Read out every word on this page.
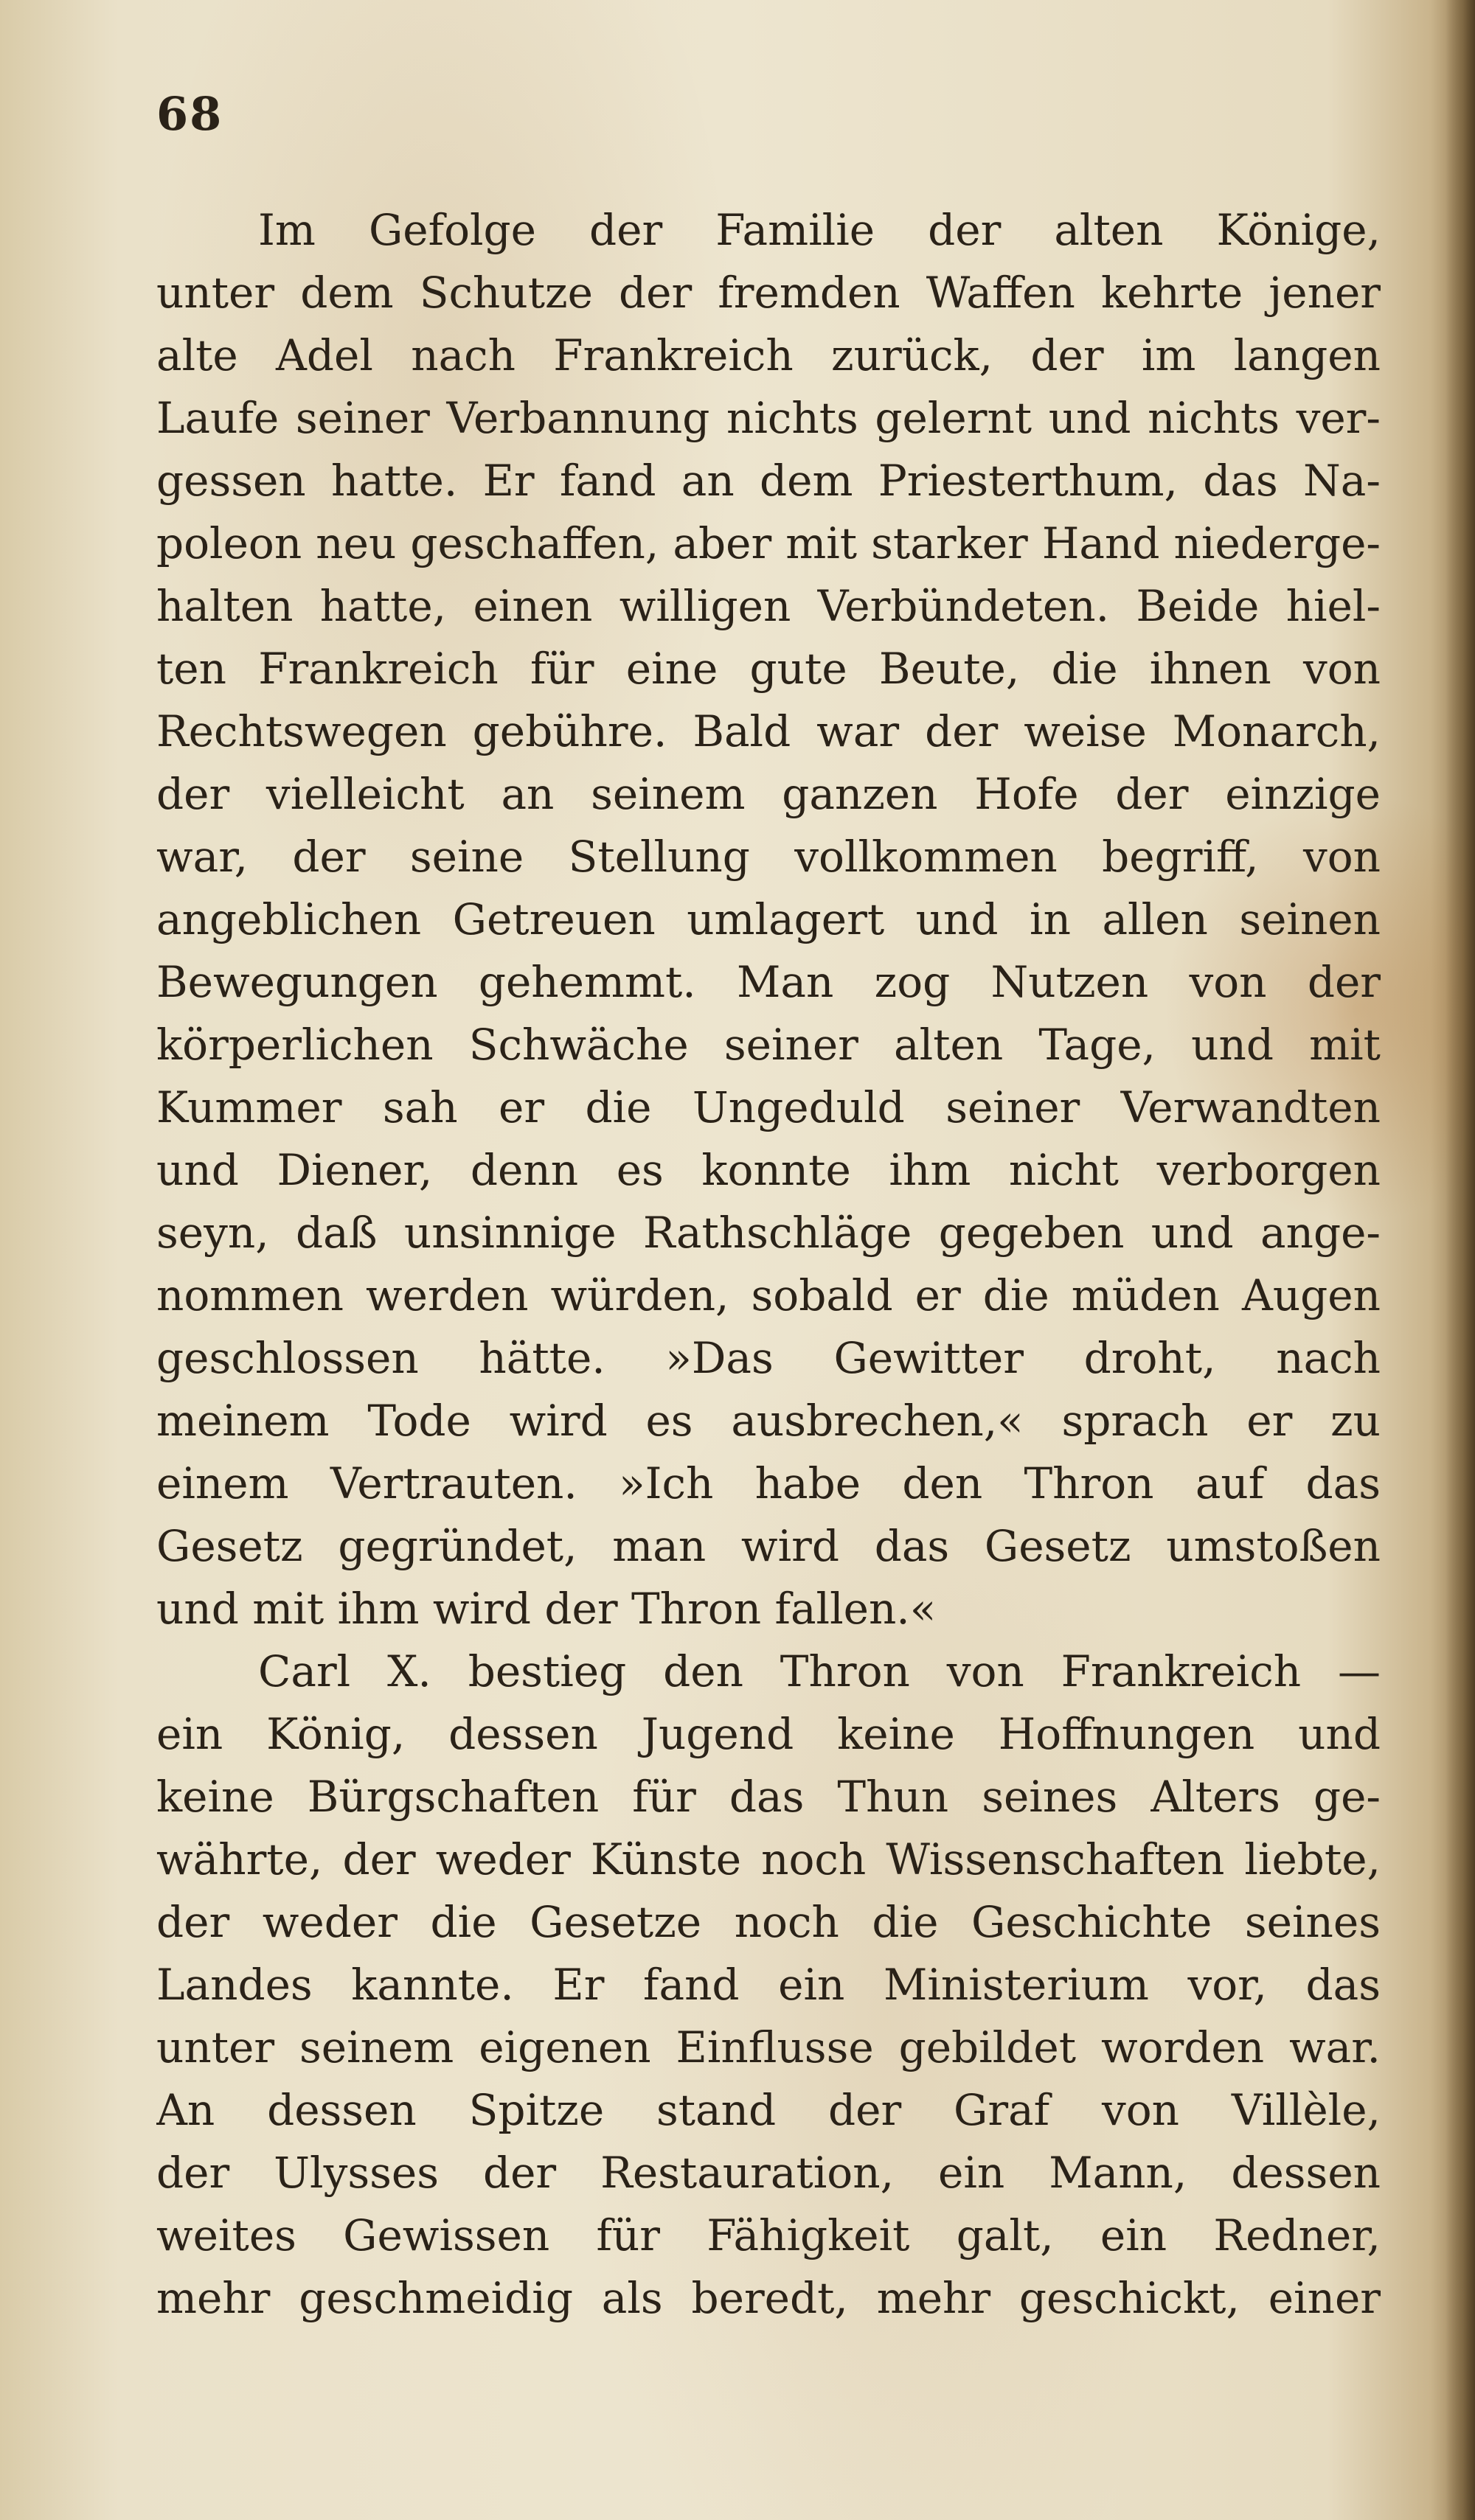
68
Im Gefolge der Familie der alten Könige,
unter dem Schutze der fremden Waffen kehrte jener
alte Adel nach Frankreich zurück, der im langen
Laufe seiner Verbannung nichts gelernt und nichts ver-
gessen hatte. Er fand an dem Priesterthum, das Na-
poleon neu geschaffen, aber mit starker Hand niederge-
halten hatte, einen willigen Verbündeten. Beide hiel-
ten Frankreich für eine gute Beute, die ihnen von
Rechtswegen gebühre. Bald war der weise Monarch,
der vielleicht an seinem ganzen Hofe der einzige
war, der seine Stellung vollkommen begriff, von
angeblichen Getreuen umlagert und in allen seinen
Bewegungen gehemmt. Man zog Nutzen von der
körperlichen Schwäche seiner alten Tage, und mit
Kummer sah er die Ungeduld seiner Verwandten
und Diener, denn es konnte ihm nicht verborgen
seyn, daß unsinnige Rathschläge gegeben und ange-
nommen werden würden, sobald er die müden Augen
geschlossen hätte. »Das Gewitter droht, nach
meinem Tode wird es ausbrechen,« sprach er zu
einem Vertrauten. »Ich habe den Thron auf das
Gesetz gegründet, man wird das Gesetz umstoßen
und mit ihm wird der Thron fallen.«
Carl X. bestieg den Thron von Frankreich —
ein König, dessen Jugend keine Hoffnungen und
keine Bürgschaften für das Thun seines Alters ge-
währte, der weder Künste noch Wissenschaften liebte,
der weder die Gesetze noch die Geschichte seines
Landes kannte. Er fand ein Ministerium vor, das
unter seinem eigenen Einflusse gebildet worden war.
An dessen Spitze stand der Graf von Villèle,
der Ulysses der Restauration, ein Mann, dessen
weites Gewissen für Fähigkeit galt, ein Redner,
mehr geschmeidig als beredt, mehr geschickt, einer
